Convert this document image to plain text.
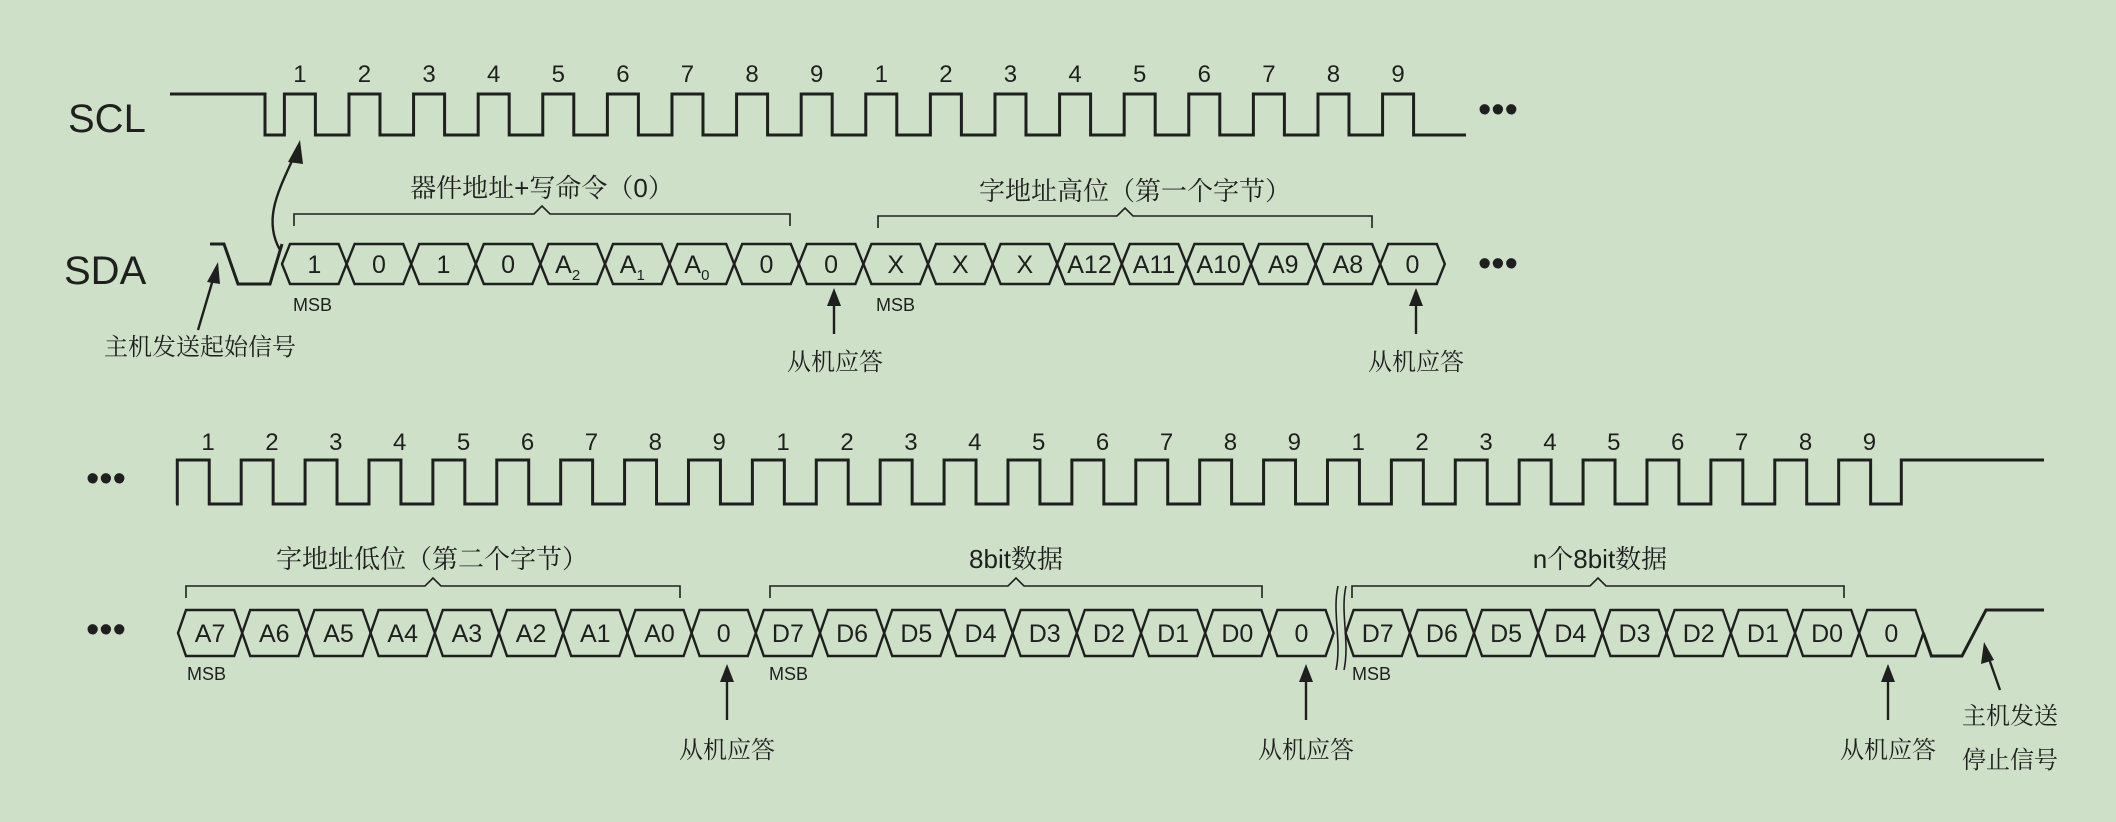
SCL
SDA
1 2 3 4 5 6 7 8 9 1 2 3 4 5 6 7 8 9
1 0 1 0 $A_2$ $A_1$ $A_0$ 0 0 X X X A12 A11 A10 A9 A8 0
器件地址+写命令（0）	字地址高位（第一个字节）
MSB	MSB
主机发送起始信号
从机应答	从机应答
•••
•••
•••
•••
1 2 3 4 5 6 7 8 9 1 2 3 4 5 6 7 8 9 1 2 3 4 5 6 7 8 9
A7 A6 A5 A4 A3 A2 A1 A0 0 D7 D6 D5 D4 D3 D2 D1 D0 0 D7 D6 D5 D4 D3 D2 D1 D0 0
字地址低位（第二个字节）	8bit数据	n个8bit数据
MSB	MSB	MSB
从机应答	从机应答	从机应答
主机发送
停止信号
